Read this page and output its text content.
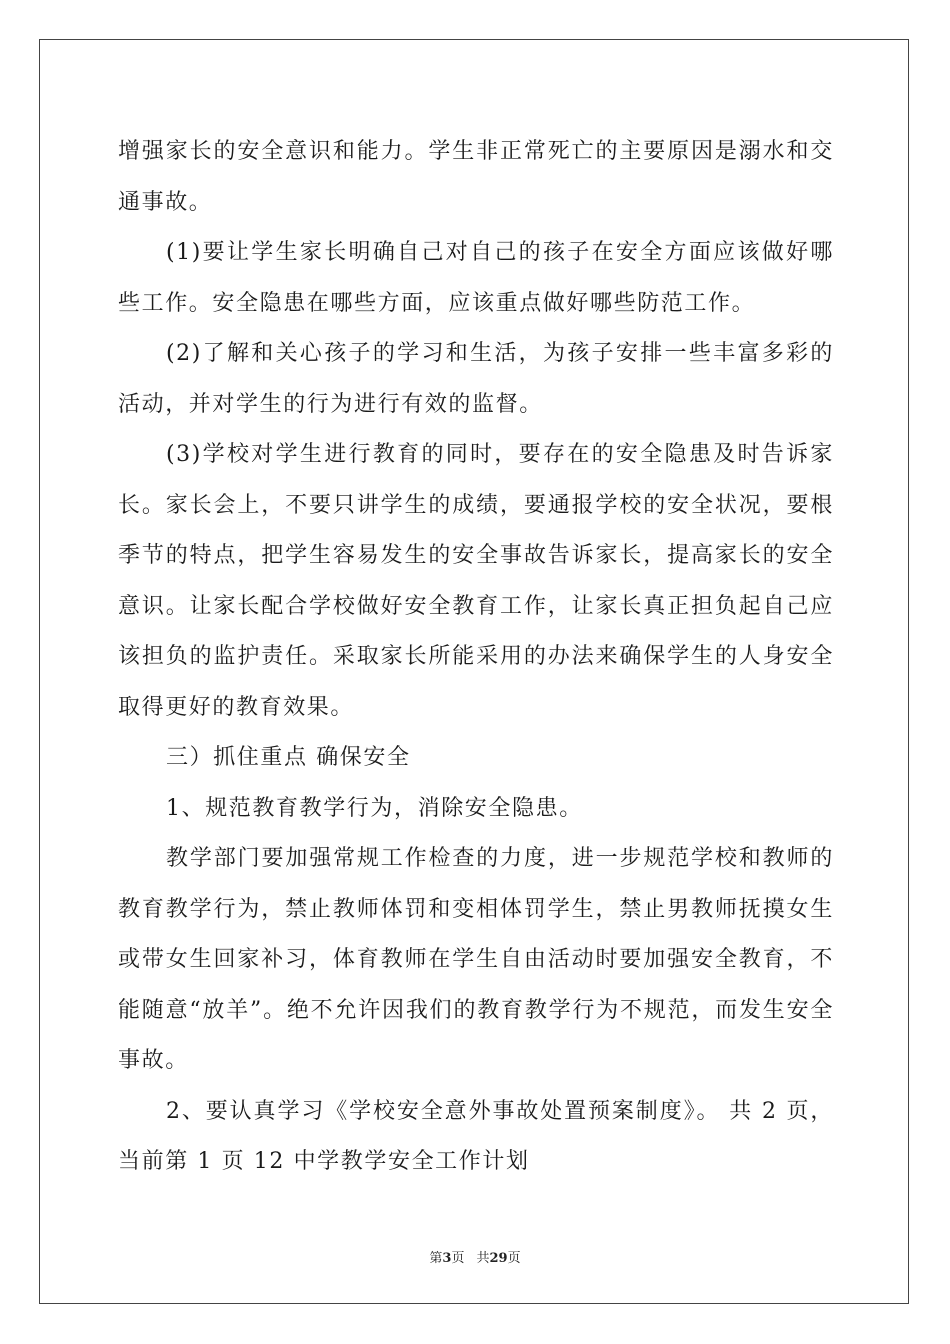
增强家长的安全意识和能力。学生非正常死亡的主要原因是溺水和交通事故。

(1)要让学生家长明确自己对自己的孩子在安全方面应该做好哪些工作。安全隐患在哪些方面，应该重点做好哪些防范工作。

(2)了解和关心孩子的学习和生活，为孩子安排一些丰富多彩的活动，并对学生的行为进行有效的监督。

(3)学校对学生进行教育的同时，要存在的安全隐患及时告诉家长。家长会上，不要只讲学生的成绩，要通报学校的安全状况，要根季节的特点，把学生容易发生的安全事故告诉家长，提高家长的安全意识。让家长配合学校做好安全教育工作，让家长真正担负起自己应该担负的监护责任。采取家长所能采用的办法来确保学生的人身安全取得更好的教育效果。

三）抓住重点 确保安全

1、规范教育教学行为，消除安全隐患。

教学部门要加强常规工作检查的力度，进一步规范学校和教师的教育教学行为，禁止教师体罚和变相体罚学生，禁止男教师抚摸女生或带女生回家补习，体育教师在学生自由活动时要加强安全教育，不能随意“放羊”。绝不允许因我们的教育教学行为不规范，而发生安全事故。

2、要认真学习《学校安全意外事故处置预案制度》。 共 2 页，当前第 1 页 12 中学教学安全工作计划

第3页 共29页
